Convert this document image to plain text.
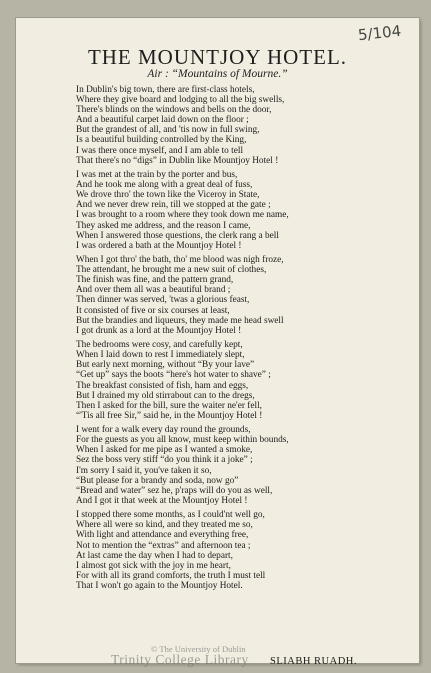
5/104
THE MOUNTJOY HOTEL.
Air : “Mountains of Mourne.”
In Dublin's big town, there are first-class hotels,
Where they give board and lodging to all the big swells,
There's blinds on the windows and bells on the door,
And a beautiful carpet laid down on the floor ;
But the grandest of all, and 'tis now in full swing,
Is a beautiful building controlled by the King,
I was there once myself, and I am able to tell
That there's no “digs” in Dublin like Mountjoy Hotel !
I was met at the train by the porter and bus,
And he took me along with a great deal of fuss,
We drove thro' the town like the Viceroy in State,
And we never drew rein, till we stopped at the gate ;
I was brought to a room where they took down me name,
They asked me address, and the reason I came,
When I answered those questions, the clerk rang a bell
I was ordered a bath at the Mountjoy Hotel !
When I got thro' the bath, tho' me blood was nigh froze,
The attendant, he brought me a new suit of clothes,
The finish was fine, and the pattern grand,
And over them all was a beautiful brand ;
Then dinner was served, 'twas a glorious feast,
It consisted of five or six courses at least,
But the brandies and liqueurs, they made me head swell
I got drunk as a lord at the Mountjoy Hotel !
The bedrooms were cosy, and carefully kept,
When I laid down to rest I immediately slept,
But early next morning, without “By your lave”
“Get up” says the boots “here's hot water to shave” ;
The breakfast consisted of fish, ham and eggs,
But I drained my old stirrabout can to the dregs,
Then I asked for the bill, sure the waiter ne'er fell,
“'Tis all free Sir,” said he, in the Mountjoy Hotel !
I went for a walk every day round the grounds,
For the guests as you all know, must keep within bounds,
When I asked for me pipe as I wanted a smoke,
Sez the boss very stiff “do you think it a joke” ;
I'm sorry I said it, you've taken it so,
“But please for a brandy and soda, now go”
“Bread and water” sez he, p'raps will do you as well,
And I got it that week at the Mountjoy Hotel !
I stopped there some months, as I could'nt well go,
Where all were so kind, and they treated me so,
With light and attendance and everything free,
Not to mention the “extras” and afternoon tea ;
At last came the day when I had to depart,
I almost got sick with the joy in me heart,
For with all its grand comforts, the truth I must tell
That I won't go again to the Mountjoy Hotel.
© The University of Dublin
Trinity College Library SLIABH RUADH.
